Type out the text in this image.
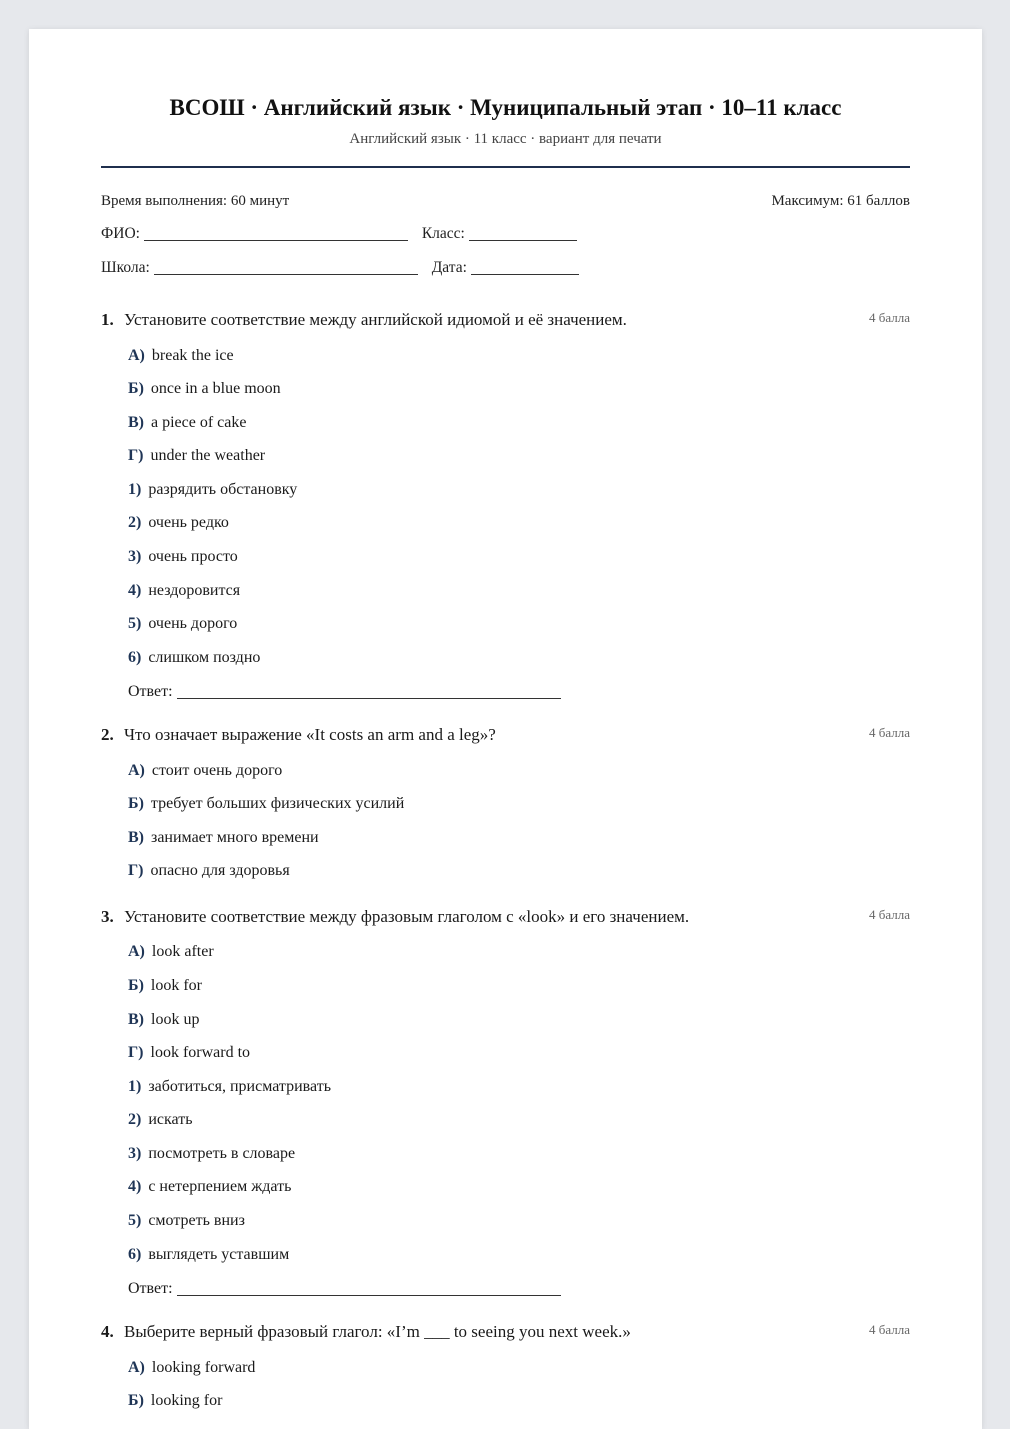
ВСОШ · Английский язык · Муниципальный этап · 10–11 класс
Английский язык · 11 класс · вариант для печати
Время выполнения: 60 минут	Максимум: 61 баллов
ФИО:	Класс:
Школа:	Дата:
1. Установите соответствие между английской идиомой и её значением.	4 балла
А) break the ice
Б) once in a blue moon
В) a piece of cake
Г) under the weather
1) разрядить обстановку
2) очень редко
3) очень просто
4) нездоровится
5) очень дорого
6) слишком поздно
Ответ:
2. Что означает выражение «It costs an arm and a leg»?	4 балла
А) стоит очень дорого
Б) требует больших физических усилий
В) занимает много времени
Г) опасно для здоровья
3. Установите соответствие между фразовым глаголом с «look» и его значением.	4 балла
А) look after
Б) look for
В) look up
Г) look forward to
1) заботиться, присматривать
2) искать
3) посмотреть в словаре
4) с нетерпением ждать
5) смотреть вниз
6) выглядеть уставшим
Ответ:
4. Выберите верный фразовый глагол: «I’m ___ to seeing you next week.»	4 балла
А) looking forward
Б) looking for
